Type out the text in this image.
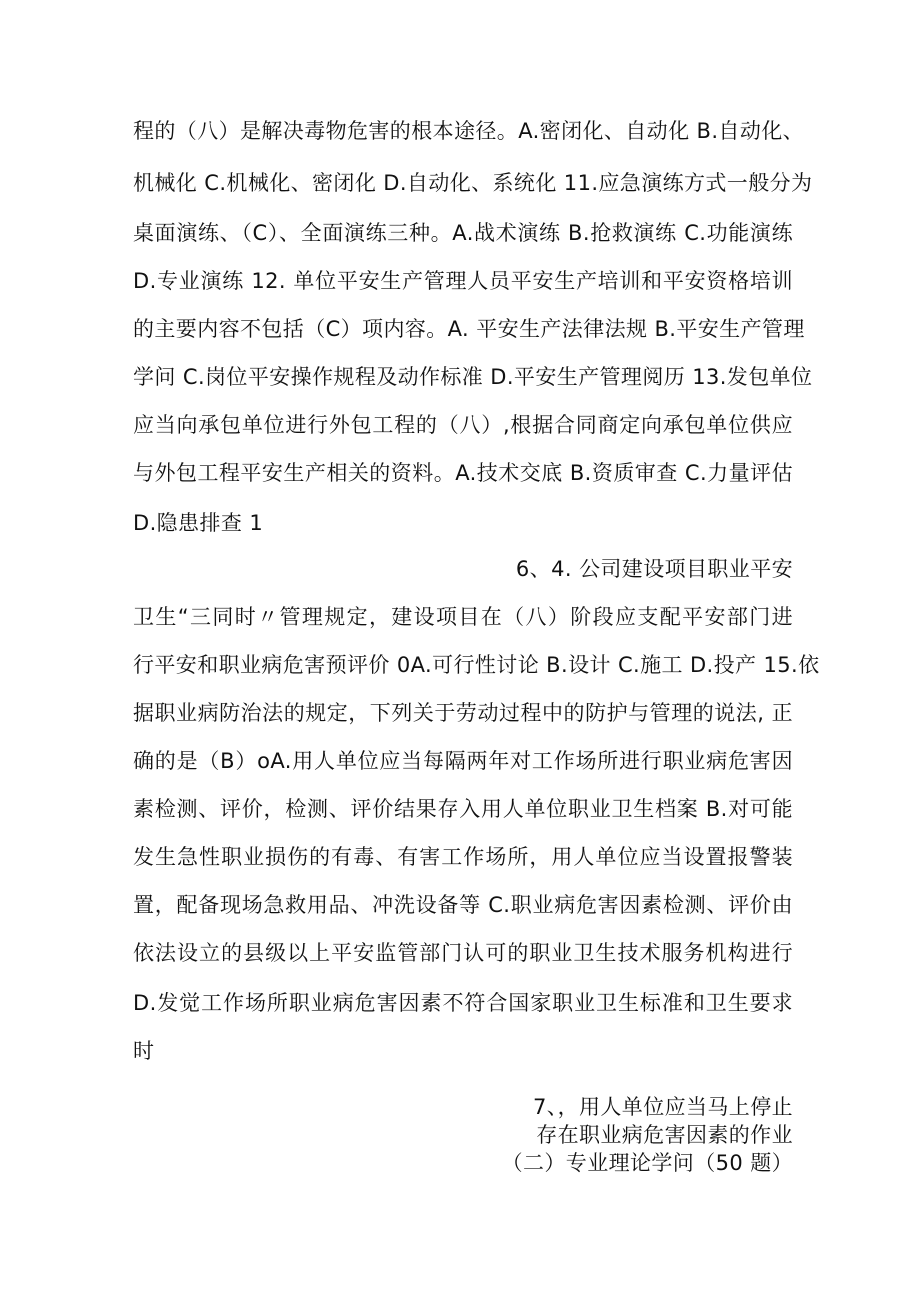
程的（八）是解决毒物危害的根本途径。A.密闭化、自动化 B.自动化、
机械化 C.机械化、密闭化 D.自动化、系统化 11.应急演练方式一般分为
桌面演练、（C）、全面演练三种。A.战术演练 B.抢救演练 C.功能演练
D.专业演练 12. 单位平安生产管理人员平安生产培训和平安资格培训
的主要内容不包括（C）项内容。A. 平安生产法律法规 B.平安生产管理
学问 C.岗位平安操作规程及动作标准 D.平安生产管理阅历 13.发包单位
应当向承包单位进行外包工程的（八）,根据合同商定向承包单位供应
与外包工程平安生产相关的资料。A.技术交底 B.资质审查 C.力量评估
D.隐患排查 1
6、4. 公司建设项目职业平安
卫生“三同时〃管理规定，建设项目在（八）阶段应支配平安部门进
行平安和职业病危害预评价 0A.可行性讨论 B.设计 C.施工 D.投产 15.依
据职业病防治法的规定，下列关于劳动过程中的防护与管理的说法, 正
确的是（B）oA.用人单位应当每隔两年对工作场所进行职业病危害因
素检测、评价，检测、评价结果存入用人单位职业卫生档案 B.对可能
发生急性职业损伤的有毒、有害工作场所，用人单位应当设置报警装
置，配备现场急救用品、冲洗设备等 C.职业病危害因素检测、评价由
依法设立的县级以上平安监管部门认可的职业卫生技术服务机构进行
D.发觉工作场所职业病危害因素不符合国家职业卫生标准和卫生要求
时
7、，用人单位应当马上停止
存在职业病危害因素的作业
（二）专业理论学问（50 题）
